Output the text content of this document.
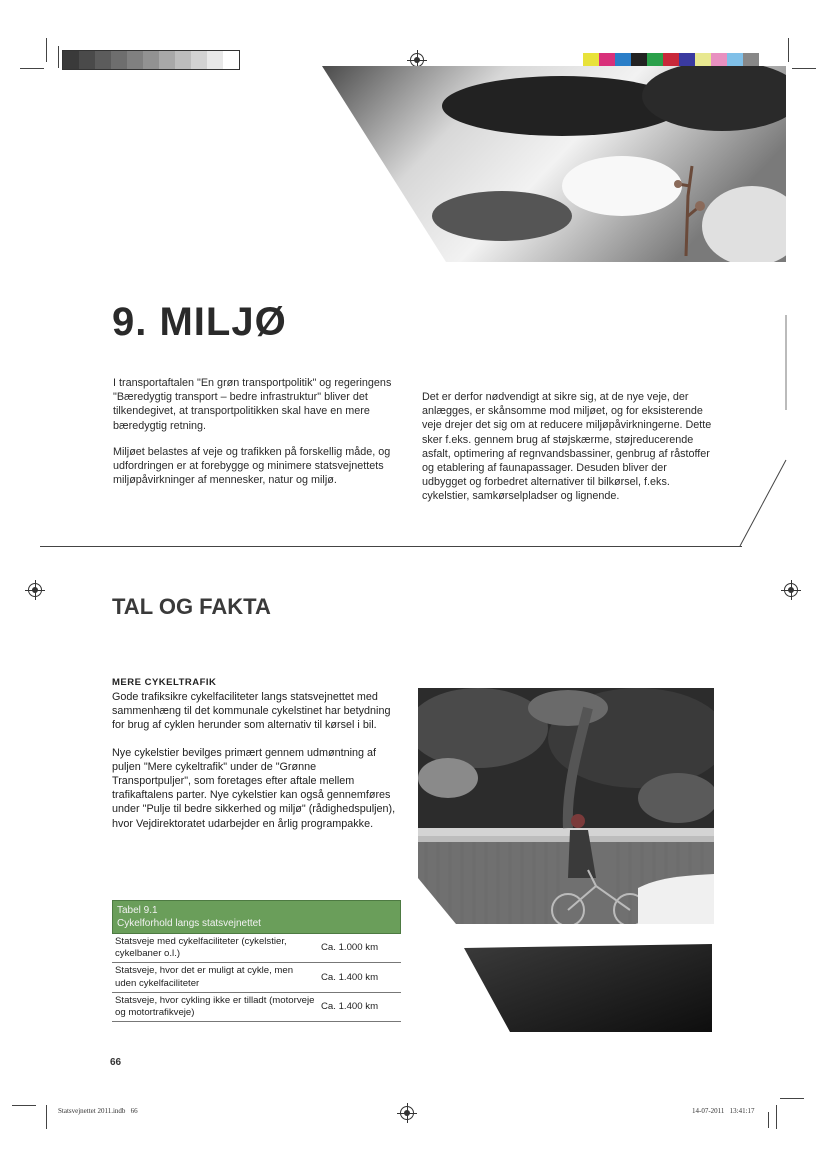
9. MILJØ

I transportaftalen "En grøn transportpolitik" og regeringens "Bæredygtig transport – bedre infrastruktur" bliver det tilkendegivet, at transportpolitikken skal have en mere bæredygtig retning.

Miljøet belastes af veje og trafikken på forskellig måde, og udfordringen er at forebygge og minimere statsvejnettets miljøpåvirkninger af mennesker, natur og miljø.

Det er derfor nødvendigt at sikre sig, at de nye veje, der anlægges, er skånsomme mod miljøet, og for eksisterende veje drejer det sig om at reducere miljøpåvirkningerne. Dette sker f.eks. gennem brug af støjskærme, støjreducerende asfalt, optimering af regnvandsbassiner, genbrug af råstoffer og etablering af faunapassager. Desuden bliver der udbygget og forbedret alternativer til bilkørsel, f.eks. cykelstier, samkørselpladser og lignende.

TAL OG FAKTA
MERE CYKELTRAFIK

Gode trafiksikre cykelfaciliteter langs statsvejnettet med sammenhæng til det kommunale cykelstinet har betydning for brug af cyklen herunder som alternativ til kørsel i bil.

Nye cykelstier bevilges primært gennem udmøntning af puljen "Mere cykeltrafik" under de "Grønne Transportpuljer", som foretages efter aftale mellem trafikaftalens parter. Nye cykelstier kan også gennemføres under "Pulje til bedre sikkerhed og miljø" (rådighedspuljen), hvor Vejdirektoratet udarbejder en årlig programpakke.

Tabel 9.1
Cykelforhold langs statsvejnettet
Statsveje med cykelfaciliteter (cykelstier, cykelbaner o.l.)
Ca. 1.000 km
Statsveje, hvor det er muligt at cykle, men uden cykelfaciliteter
Ca. 1.400 km
Statsveje, hvor cykling ikke er tilladt (motorveje og motortrafikveje)
Ca. 1.400 km
66
Statsvejnettet 2011.indb   66	14-07-2011   13:41:17
